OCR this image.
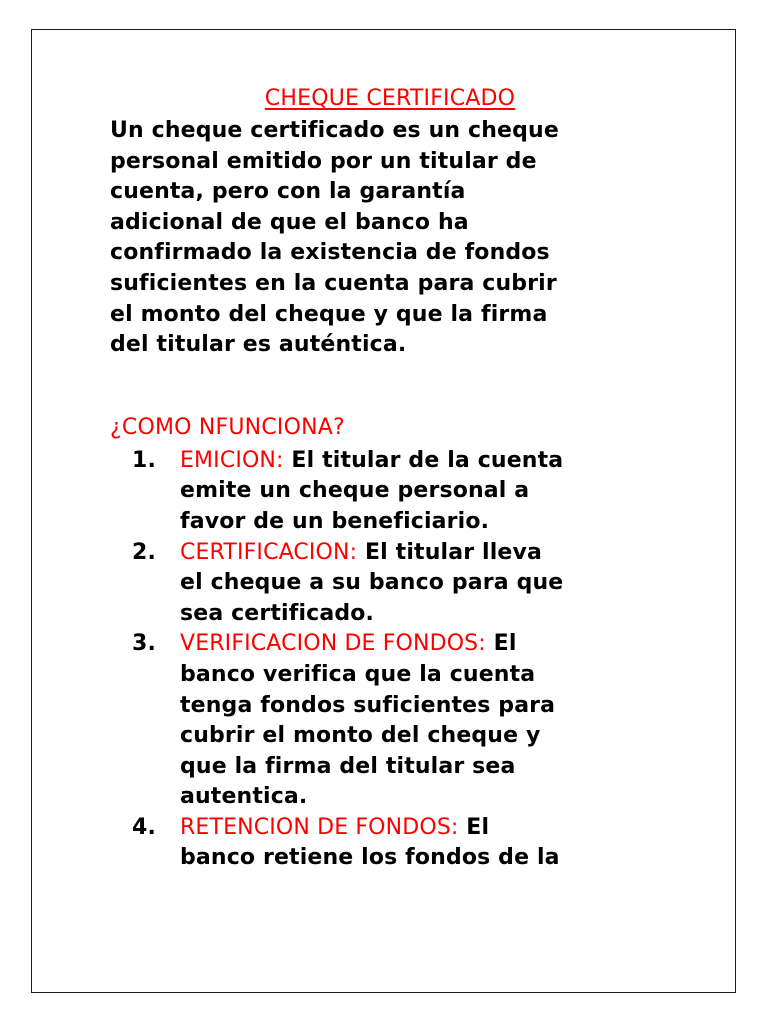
CHEQUE CERTIFICADO

Un cheque certificado es un cheque
personal emitido por un titular de
cuenta, pero con la garantía
adicional de que el banco ha
confirmado la existencia de fondos
suficientes en la cuenta para cubrir
el monto del cheque y que la firma
del titular es auténtica.

¿COMO NFUNCIONA?
1.	EMICION: El titular de la cuenta
emite un cheque personal a
favor de un beneficiario.
2.	CERTIFICACION: El titular lleva
el cheque a su banco para que
sea certificado.
3.	VERIFICACION DE FONDOS: El
banco verifica que la cuenta
tenga fondos suficientes para
cubrir el monto del cheque y
que la firma del titular sea
autentica.
4.	RETENCION DE FONDOS: El
banco retiene los fondos de la
